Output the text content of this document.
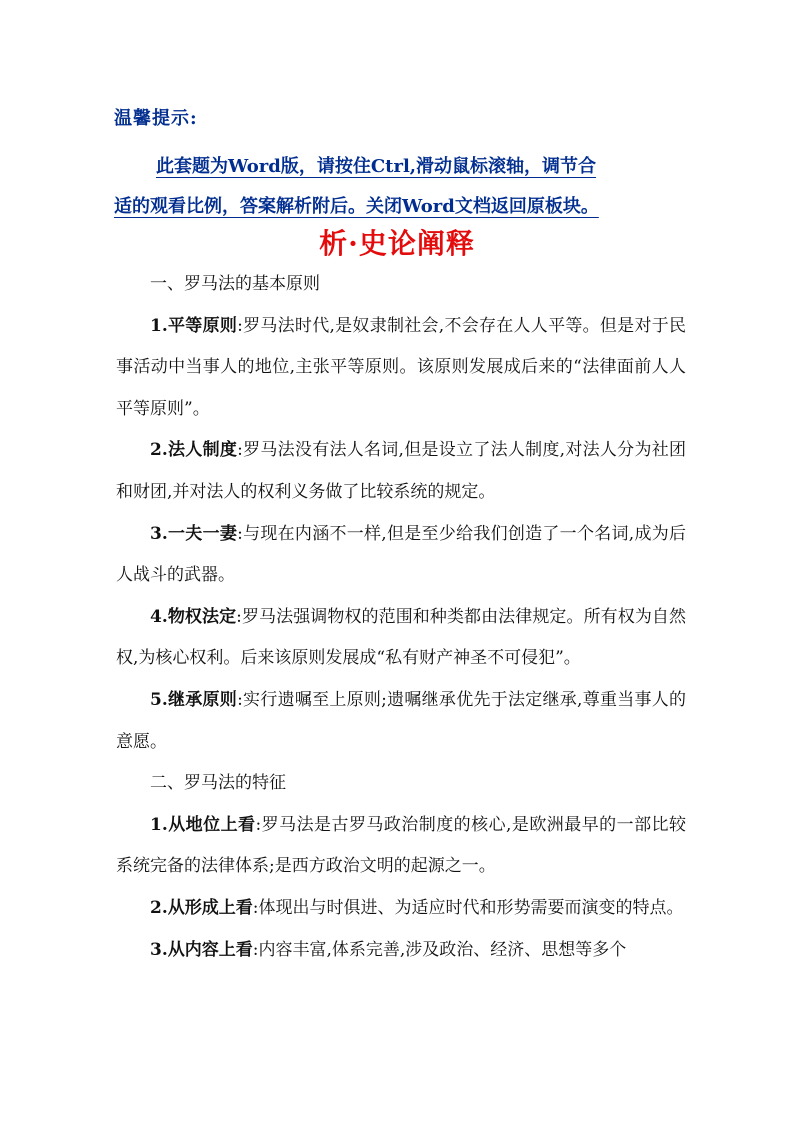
温馨提示:
此套题为Word版，请按住Ctrl,滑动鼠标滚轴，调节合
适的观看比例，答案解析附后。关闭Word文档返回原板块。
析·史论阐释

一、罗马法的基本原则

1.平等原则:罗马法时代,是奴隶制社会,不会存在人人平等。但是对于民事活动中当事人的地位,主张平等原则。该原则发展成后来的“法律面前人人平等原则”。

2.法人制度:罗马法没有法人名词,但是设立了法人制度,对法人分为社团和财团,并对法人的权利义务做了比较系统的规定。

3.一夫一妻:与现在内涵不一样,但是至少给我们创造了一个名词,成为后人战斗的武器。

4.物权法定:罗马法强调物权的范围和种类都由法律规定。所有权为自然权,为核心权利。后来该原则发展成“私有财产神圣不可侵犯”。

5.继承原则:实行遗嘱至上原则;遗嘱继承优先于法定继承,尊重当事人的意愿。

二、罗马法的特征

1.从地位上看:罗马法是古罗马政治制度的核心,是欧洲最早的一部比较系统完备的法律体系;是西方政治文明的起源之一。

2.从形成上看:体现出与时俱进、为适应时代和形势需要而演变的特点。

3.从内容上看:内容丰富,体系完善,涉及政治、经济、思想等多个
